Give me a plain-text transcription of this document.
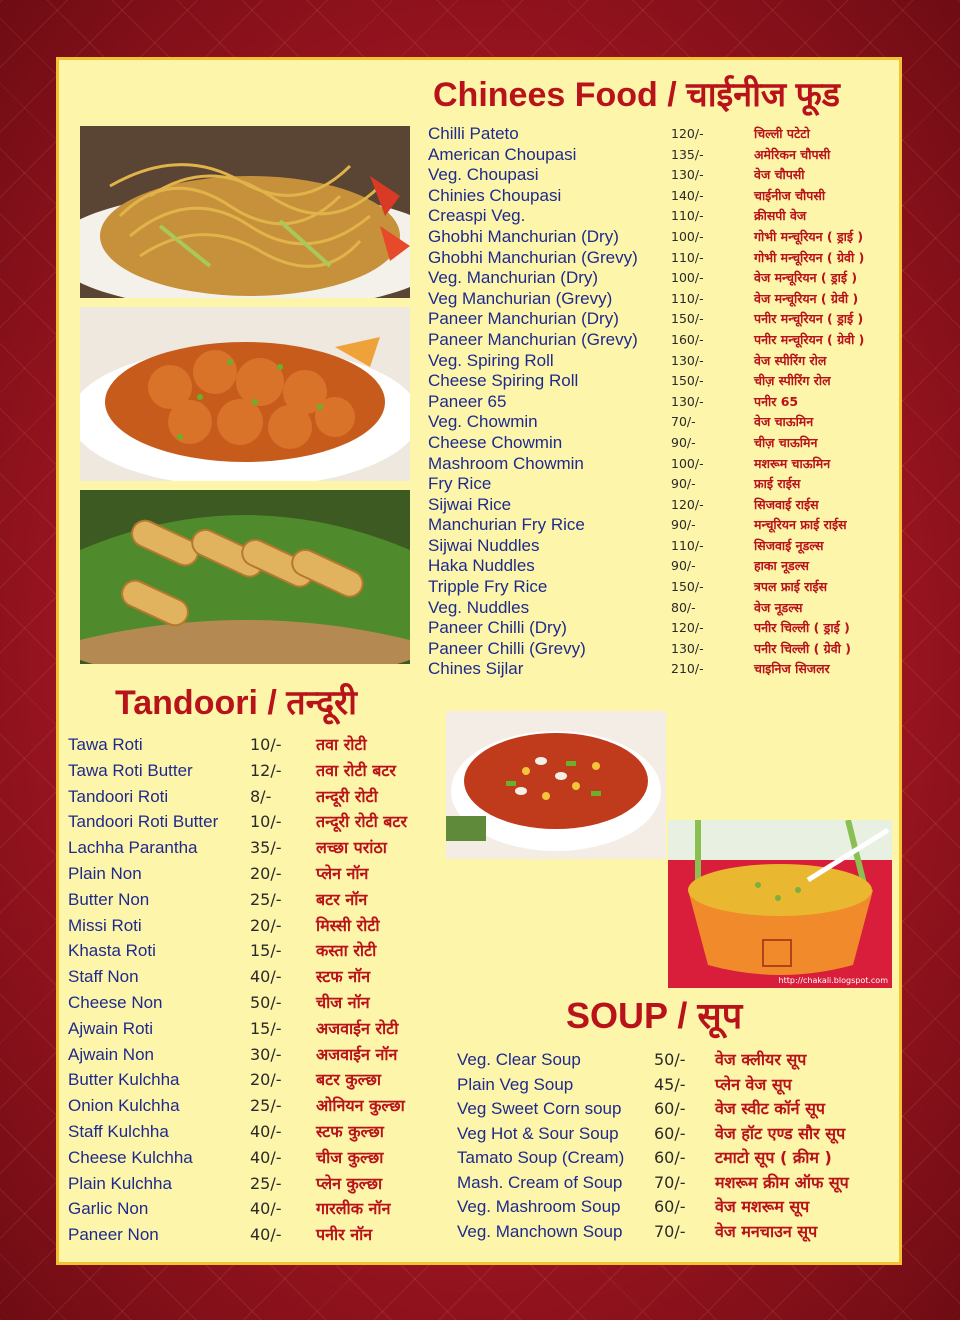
Chinees Food / चाईनीज फूड
Tandoori / तन्दूरी
SOUP / सूप
http://chakali.blogspot.com
Chilli Pateto	120/-	चिल्ली पटेटो
American Choupasi	135/-	अमेरिकन चौपसी
Veg. Choupasi	130/-	वेज चौपसी
Chinies Choupasi	140/-	चाईनीज चौपसी
Creaspi Veg.	110/-	क्रीसपी वेज
Ghobhi Manchurian (Dry)	100/-	गोभी मन्चूरियन ( ड्राई )
Ghobhi Manchurian (Grevy)	110/-	गोभी मन्चूरियन ( ग्रेवी )
Veg. Manchurian (Dry)	100/-	वेज मन्चूरियन ( ड्राई )
Veg Manchurian (Grevy)	110/-	वेज मन्चूरियन ( ग्रेवी )
Paneer Manchurian (Dry)	150/-	पनीर मन्चूरियन ( ड्राई )
Paneer Manchurian (Grevy)	160/-	पनीर मन्चूरियन ( ग्रेवी )
Veg. Spiring Roll	130/-	वेज स्पीरिंग रोल
Cheese Spiring Roll	150/-	चीज़ स्पीरिंग रोल
Paneer 65	130/-	पनीर 65
Veg. Chowmin	70/-	वेज चाऊमिन
Cheese Chowmin	90/-	चीज़ चाऊमिन
Mashroom Chowmin	100/-	मशरूम चाऊमिन
Fry Rice	90/-	फ्राई राईस
Sijwai Rice	120/-	सिजवाई राईस
Manchurian Fry Rice	90/-	मन्चूरियन फ्राई राईस
Sijwai Nuddles	110/-	सिजवाई नूडल्स
Haka Nuddles	90/-	हाका नूडल्स
Tripple Fry Rice	150/-	त्रपल फ्राई राईस
Veg. Nuddles	80/-	वेज नूडल्स
Paneer Chilli (Dry)	120/-	पनीर चिल्ली ( ड्राई )
Paneer Chilli (Grevy)	130/-	पनीर चिल्ली ( ग्रेवी )
Chines Sijlar	210/-	चाइनिज सिजलर
Tawa Roti	10/- तवा रोटी
Tawa Roti Butter	12/- तवा रोटी बटर
Tandoori Roti	8/-	तन्दूरी रोटी
Tandoori Roti Butter 10/- तन्दूरी रोटी बटर
Lachha Parantha	35/- लच्छा परांठा
Plain Non	20/- प्लेन नॉन
Butter Non	25/- बटर नॉन
Missi Roti	20/- मिस्सी रोटी
Khasta Roti	15/- कस्ता रोटी
Staff Non	40/- स्टफ नॉन
Cheese Non	50/- चीज नॉन
Ajwain Roti	15/- अजवाईन रोटी
Ajwain Non	30/- अजवाईन नॉन
Butter Kulchha	20/- बटर कुल्छा
Onion Kulchha	25/- ओनियन कुल्छा
Staff Kulchha	40/- स्टफ कुल्छा
Cheese Kulchha	40/- चीज कुल्छा
Plain Kulchha	25/- प्लेन कुल्छा
Garlic Non	40/- गारलीक नॉन
Paneer Non	40/- पनीर नॉन
Veg. Clear Soup	50/- वेज क्लीयर सूप
Plain Veg Soup	45/- प्लेन वेज सूप
Veg Sweet Corn soup 60/- वेज स्वीट कॉर्न सूप
Veg Hot & Sour Soup 60/- वेज हॉट एण्ड सौर सूप
Tamato Soup (Cream) 60/- टमाटो सूप ( क्रीम )
Mash. Cream of Soup 70/- मशरूम क्रीम ऑफ सूप
Veg. Mashroom Soup 60/- वेज मशरूम सूप
Veg. Manchown Soup 70/- वेज मनचाउन सूप
